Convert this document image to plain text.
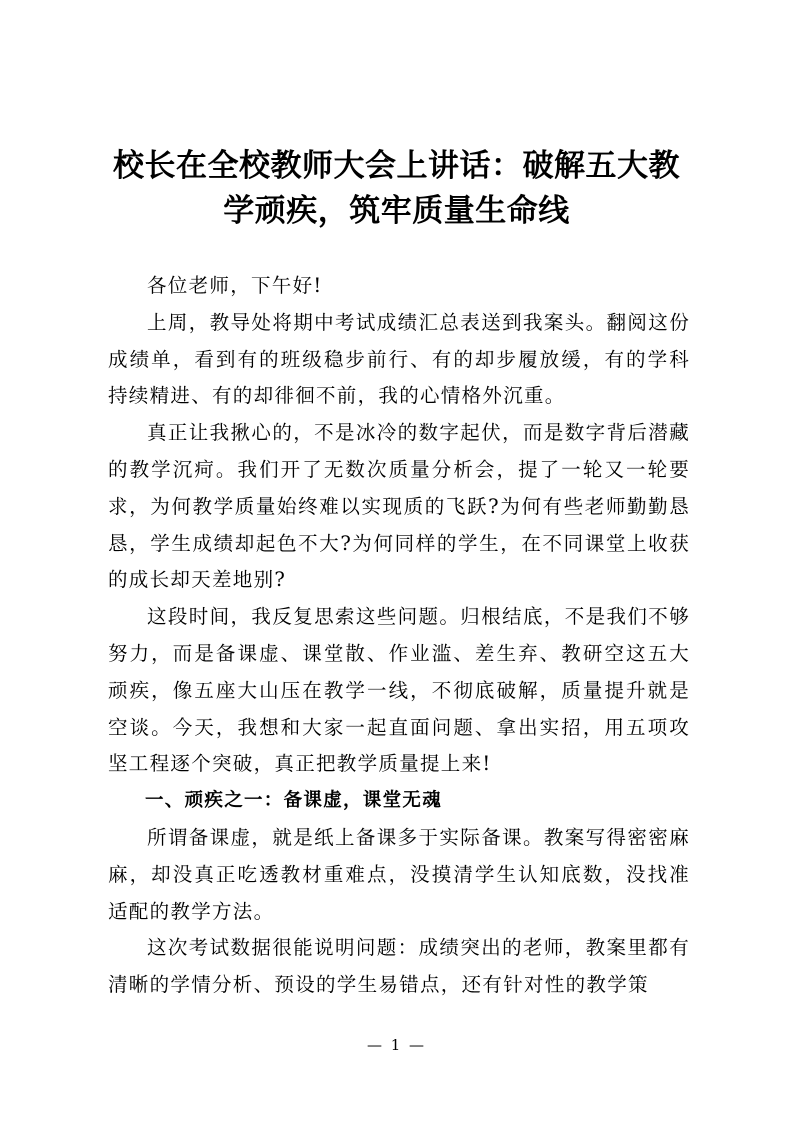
校长在全校教师大会上讲话：破解五大教学顽疾，筑牢质量生命线

各位老师，下午好!

上周，教导处将期中考试成绩汇总表送到我案头。翻阅这份成绩单，看到有的班级稳步前行、有的却步履放缓，有的学科持续精进、有的却徘徊不前，我的心情格外沉重。

真正让我揪心的，不是冰冷的数字起伏，而是数字背后潜藏的教学沉疴。我们开了无数次质量分析会，提了一轮又一轮要求，为何教学质量始终难以实现质的飞跃?为何有些老师勤勤恳恳，学生成绩却起色不大?为何同样的学生，在不同课堂上收获的成长却天差地别?

这段时间，我反复思索这些问题。归根结底，不是我们不够努力，而是备课虚、课堂散、作业滥、差生弃、教研空这五大顽疾，像五座大山压在教学一线，不彻底破解，质量提升就是空谈。今天，我想和大家一起直面问题、拿出实招，用五项攻坚工程逐个突破，真正把教学质量提上来!

一、顽疾之一：备课虚，课堂无魂

所谓备课虚，就是纸上备课多于实际备课。教案写得密密麻麻，却没真正吃透教材重难点，没摸清学生认知底数，没找准适配的教学方法。

这次考试数据很能说明问题：成绩突出的老师，教案里都有清晰的学情分析、预设的学生易错点，还有针对性的教学策

— 1 —
